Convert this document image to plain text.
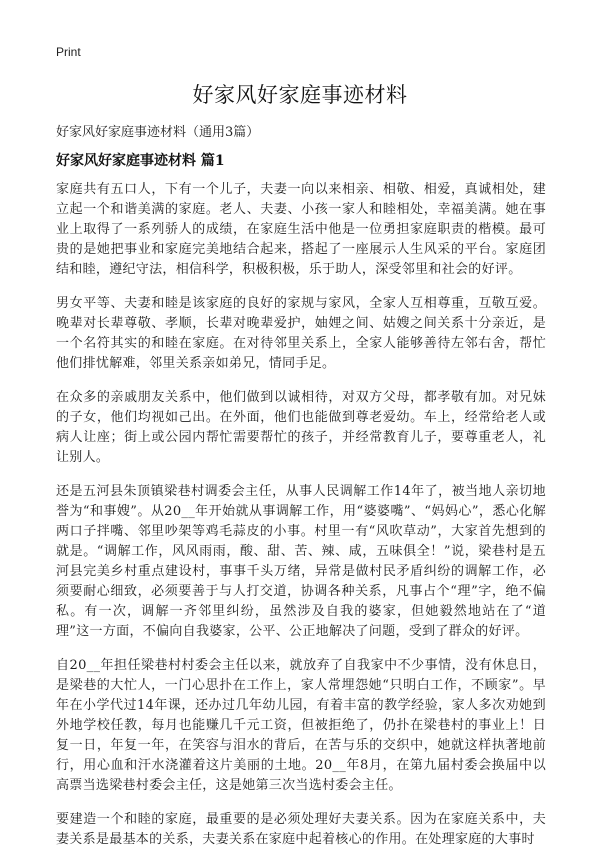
Print
好家风好家庭事迹材料
好家风好家庭事迹材料（通用3篇）
好家风好家庭事迹材料 篇1

家庭共有五口人，下有一个儿子，夫妻一向以来相亲、相敬、相爱，真诚相处，建立起一个和谐美满的家庭。老人、夫妻、小孩一家人和睦相处，幸福美满。她在事业上取得了一系列骄人的成绩，在家庭生活中他是一位勇担家庭职责的楷模。最可贵的是她把事业和家庭完美地结合起来，搭起了一座展示人生风采的平台。家庭团结和睦，遵纪守法，相信科学，积极积极，乐于助人，深受邻里和社会的好评。

男女平等、夫妻和睦是该家庭的良好的家规与家风，全家人互相尊重，互敬互爱。晚辈对长辈尊敬、孝顺，长辈对晚辈爱护，妯娌之间、姑嫂之间关系十分亲近，是一个名符其实的和睦在家庭。在对待邻里关系上，全家人能够善待左邻右舍，帮忙他们排忧解难，邻里关系亲如弟兄，情同手足。

在众多的亲戚朋友关系中，他们做到以诚相待，对双方父母，都孝敬有加。对兄妹的子女，他们均视如己出。在外面，他们也能做到尊老爱幼。车上，经常给老人或病人让座；街上或公园内帮忙需要帮忙的孩子，并经常教育儿子，要尊重老人，礼让别人。

还是五河县朱顶镇梁巷村调委会主任，从事人民调解工作14年了，被当地人亲切地誉为“和事嫂”。从20__年开始就从事调解工作，用“婆婆嘴”、“妈妈心”，悉心化解两口子拌嘴、邻里吵架等鸡毛蒜皮的小事。村里一有“风吹草动”，大家首先想到的就是。“调解工作，风风雨雨，酸、甜、苦、辣、咸，五味俱全！”说，梁巷村是五河县完美乡村重点建设村，事事千头万绪，异常是做村民矛盾纠纷的调解工作，必须要耐心细致，必须要善于与人打交道，协调各种关系，凡事占个“理”字，绝不偏私。有一次，调解一齐邻里纠纷，虽然涉及自我的婆家，但她毅然地站在了“道理”这一方面，不偏向自我婆家，公平、公正地解决了问题，受到了群众的好评。

自20__年担任梁巷村村委会主任以来，就放弃了自我家中不少事情，没有休息日，是梁巷的大忙人，一门心思扑在工作上，家人常埋怨她“只明白工作，不顾家”。早年在小学代过14年课，还办过几年幼儿园，有着丰富的教学经验，家人多次劝她到外地学校任教，每月也能赚几千元工资，但被拒绝了，仍扑在梁巷村的事业上！日复一日，年复一年，在笑容与泪水的背后，在苦与乐的交织中，她就这样执著地前行，用心血和汗水浇灌着这片美丽的土地。20__年8月，在第九届村委会换届中以高票当选梁巷村委会主任，这是她第三次当选村委会主任。

要建造一个和睦的家庭，最重要的是必须处理好夫妻关系。因为在家庭关系中，夫妻关系是最基本的关系，夫妻关系在家庭中起着核心的作用。在处理家庭的大事时
